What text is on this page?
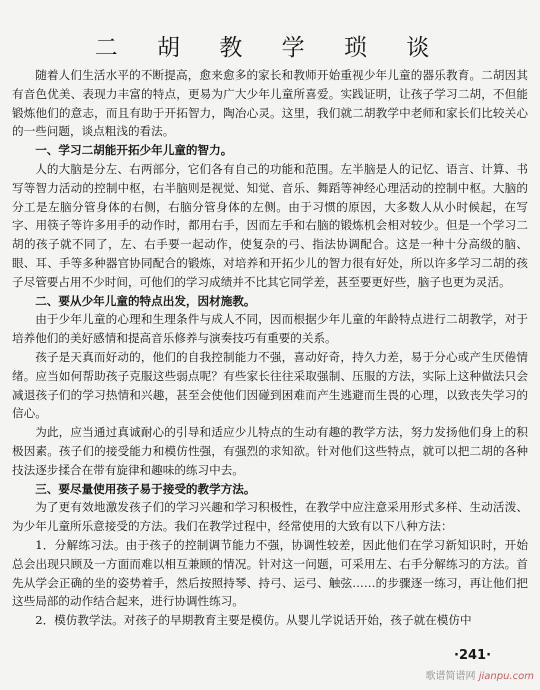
二 胡 教 学 琐 谈

随着人们生活水平的不断提高，愈来愈多的家长和教师开始重视少年儿童的器乐教育。二胡因其有音色优美、表现力丰富的特点，更易为广大少年儿童所喜爱。实践证明，让孩子学习二胡，不但能锻炼他们的意志，而且有助于开拓智力，陶冶心灵。这里，我们就二胡教学中老师和家长们比较关心的一些问题，谈点粗浅的看法。

一、学习二胡能开拓少年儿童的智力。

人的大脑是分左、右两部分，它们各有自己的功能和范围。左半脑是人的记忆、语言、计算、书写等智力活动的控制中枢，右半脑则是视觉、知觉、音乐、舞蹈等神经心理活动的控制中枢。大脑的分工是左脑分管身体的右侧，右脑分管身体的左侧。由于习惯的原因，大多数人从小时候起，在写字、用筷子等许多用手的动作时，都用右手，因而左手和右脑的锻炼机会相对较少。但是一个学习二胡的孩子就不同了，左、右手要一起动作，使复杂的弓、指法协调配合。这是一种十分高级的脑、眼、耳、手等多种器官协同配合的锻炼，对培养和开拓少儿的智力很有好处，所以许多学习二胡的孩子尽管要占用不少时间，可他们的学习成绩并不比其它同学差，甚至要更好些，脑子也更为灵活。

二、要从少年儿童的特点出发，因材施教。

由于少年儿童的心理和生理条件与成人不同，因而根据少年儿童的年龄特点进行二胡教学，对于培养他们的美好感情和提高音乐修养与演奏技巧有重要的关系。

孩子是天真而好动的，他们的自我控制能力不强，喜动好奇，持久力差，易于分心或产生厌倦情绪。应当如何帮助孩子克服这些弱点呢？有些家长往往采取强制、压服的方法，实际上这种做法只会减退孩子们的学习热情和兴趣，甚至会使他们因碰到困难而产生逃避而生畏的心理，以致丧失学习的信心。

为此，应当通过真诚耐心的引导和适应少儿特点的生动有趣的教学方法，努力发扬他们身上的积极因素。孩子们的接受能力和模仿性强，有强烈的求知欲。针对他们这些特点，就可以把二胡的各种技法逐步揉合在带有旋律和趣味的练习中去。

三、要尽量使用孩子易于接受的教学方法。

为了更有效地激发孩子们的学习兴趣和学习积极性，在教学中应注意采用形式多样、生动活泼、为少年儿童所乐意接受的方法。我们在教学过程中，经常使用的大致有以下八种方法：

1．分解练习法。由于孩子的控制调节能力不强，协调性较差，因此他们在学习新知识时，开始总会出现只顾及一方面而难以相互兼顾的情况。针对这一问题，可采用左、右手分解练习的方法。首先从学会正确的坐的姿势着手，然后按照持琴、持弓、运弓、触弦……的步骤逐一练习，再让他们把这些局部的动作结合起来，进行协调性练习。

2．模仿教学法。对孩子的早期教育主要是模仿。从婴儿学说话开始，孩子就在模仿中

·241·
歌谱简谱网 jianpu.com
